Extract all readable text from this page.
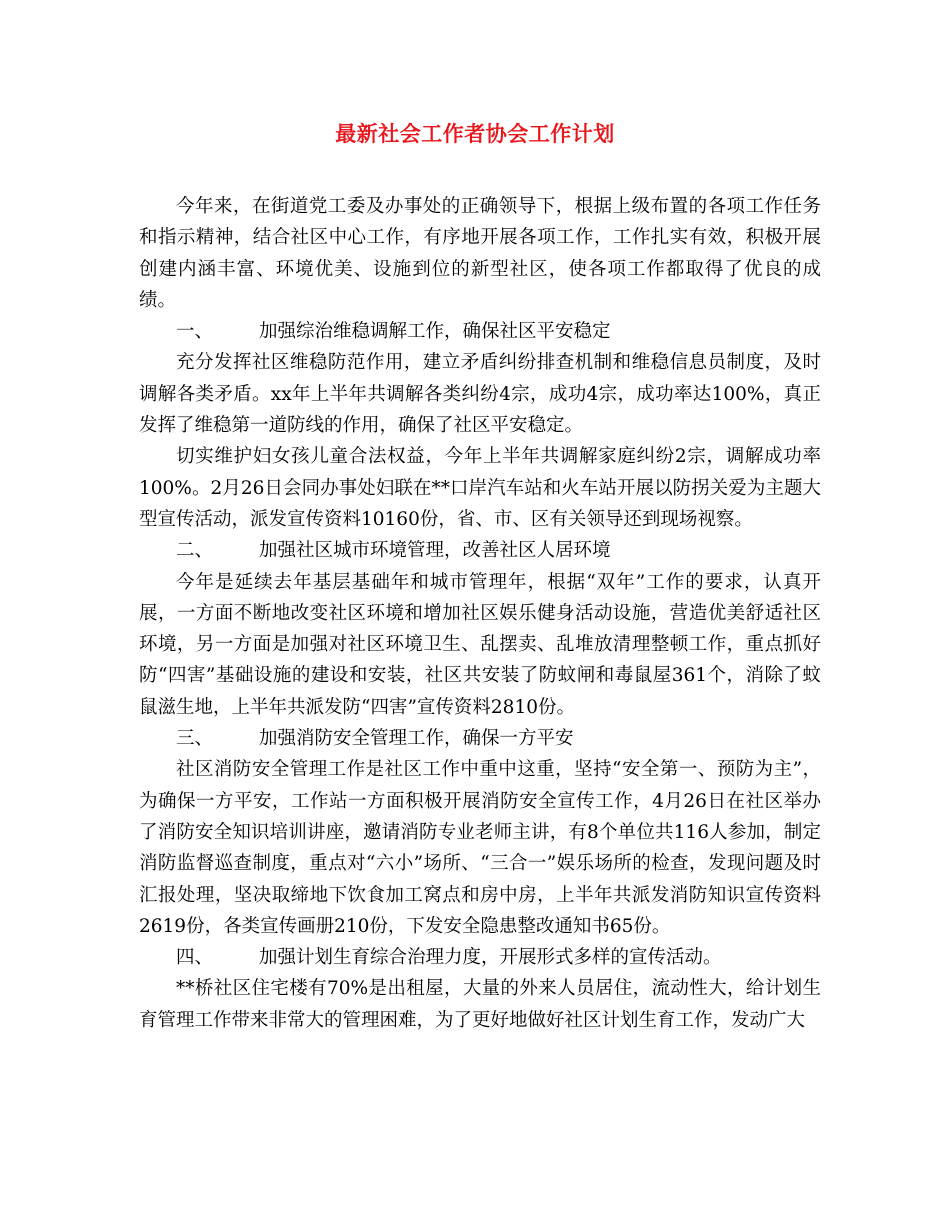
最新社会工作者协会工作计划

今年来，在街道党工委及办事处的正确领导下，根据上级布置的各项工作任务和指示精神，结合社区中心工作，有序地开展各项工作，工作扎实有效，积极开展创建内涵丰富、环境优美、设施到位的新型社区，使各项工作都取得了优良的成绩。

一、 加强综治维稳调解工作，确保社区平安稳定

充分发挥社区维稳防范作用，建立矛盾纠纷排查机制和维稳信息员制度，及时调解各类矛盾。xx年上半年共调解各类纠纷4宗，成功4宗，成功率达100%，真正发挥了维稳第一道防线的作用，确保了社区平安稳定。

切实维护妇女孩儿童合法权益，今年上半年共调解家庭纠纷2宗，调解成功率100%。2月26日会同办事处妇联在**口岸汽车站和火车站开展以防拐关爱为主题大型宣传活动，派发宣传资料10160份，省、市、区有关领导还到现场视察。

二、 加强社区城市环境管理，改善社区人居环境

今年是延续去年基层基础年和城市管理年，根据“双年”工作的要求，认真开展，一方面不断地改变社区环境和增加社区娱乐健身活动设施，营造优美舒适社区环境，另一方面是加强对社区环境卫生、乱摆卖、乱堆放清理整顿工作，重点抓好防“四害”基础设施的建设和安装，社区共安装了防蚊闸和毒鼠屋361个，消除了蚊鼠滋生地，上半年共派发防“四害”宣传资料2810份。

三、 加强消防安全管理工作，确保一方平安

社区消防安全管理工作是社区工作中重中这重，坚持“安全第一、预防为主”，为确保一方平安，工作站一方面积极开展消防安全宣传工作，4月26日在社区举办了消防安全知识培训讲座，邀请消防专业老师主讲，有8个单位共116人参加，制定消防监督巡查制度，重点对“六小”场所、“三合一”娱乐场所的检查，发现问题及时汇报处理，坚决取缔地下饮食加工窝点和房中房，上半年共派发消防知识宣传资料2619份，各类宣传画册210份，下发安全隐患整改通知书65份。

四、 加强计划生育综合治理力度，开展形式多样的宣传活动。

**桥社区住宅楼有70%是出租屋，大量的外来人员居住，流动性大，给计划生育管理工作带来非常大的管理困难，为了更好地做好社区计划生育工作，发动广大
